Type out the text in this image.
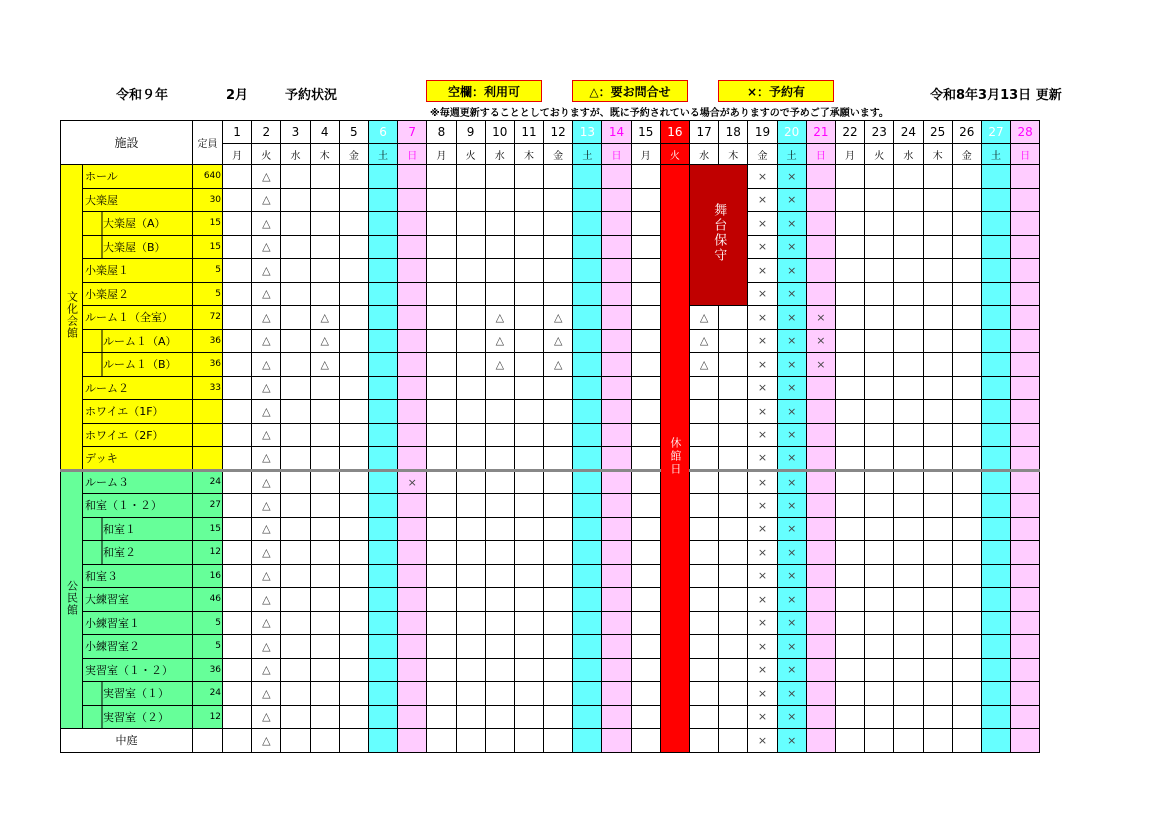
令和９年	2月	予約状況	空欄：利用可	△：要お問合せ	×：予約有	令和8年3月13日 更新
※毎週更新することとしておりますが、既に予約されている場合がありますので予めご了承願います。
施設		定員	1	2	3	4	5	6	7	8	9	10	11	12	13	14	15	16	17	18	19	20	21	22	23	24	25	26	27	28
			月	火	水	木	金	土	日	月	火	水	木	金	土	日	月	火	水	木	金	土	日	月	火	水	木	金	土	日
文化会館	ホール	640		△														休館日	舞台保守		×	×								
	大楽屋	30		△																	×	×								
	大楽屋（A）	15		△																	×	×								
	大楽屋（B）	15		△																	×	×								
	小楽屋１	5		△																	×	×								
	小楽屋２	5		△																	×	×								
	ルーム１（全室）	72		△		△						△		△					△		×	×	×							
	ルーム１（A）	36		△		△						△		△					△		×	×	×							
	ルーム１（B）	36		△		△						△		△					△		×	×	×							
	ルーム２	33		△																	×	×								
	ホワイエ（1F）			△																	×	×								
	ホワイエ（2F）			△																	×	×								
	デッキ			△																	×	×								
公民館	ルーム３	24		△					×												×	×								
	和室（１・２）	27		△																	×	×								
	和室１	15		△																	×	×								
	和室２	12		△																	×	×								
	和室３	16		△																	×	×								
	大練習室	46		△																	×	×								
	小練習室１	5		△																	×	×								
	小練習室２	5		△																	×	×								
	実習室（１・２）	36		△																	×	×								
	実習室（１）	24		△																	×	×								
	実習室（２）	12		△																	×	×								
中庭				△																	×	×								
